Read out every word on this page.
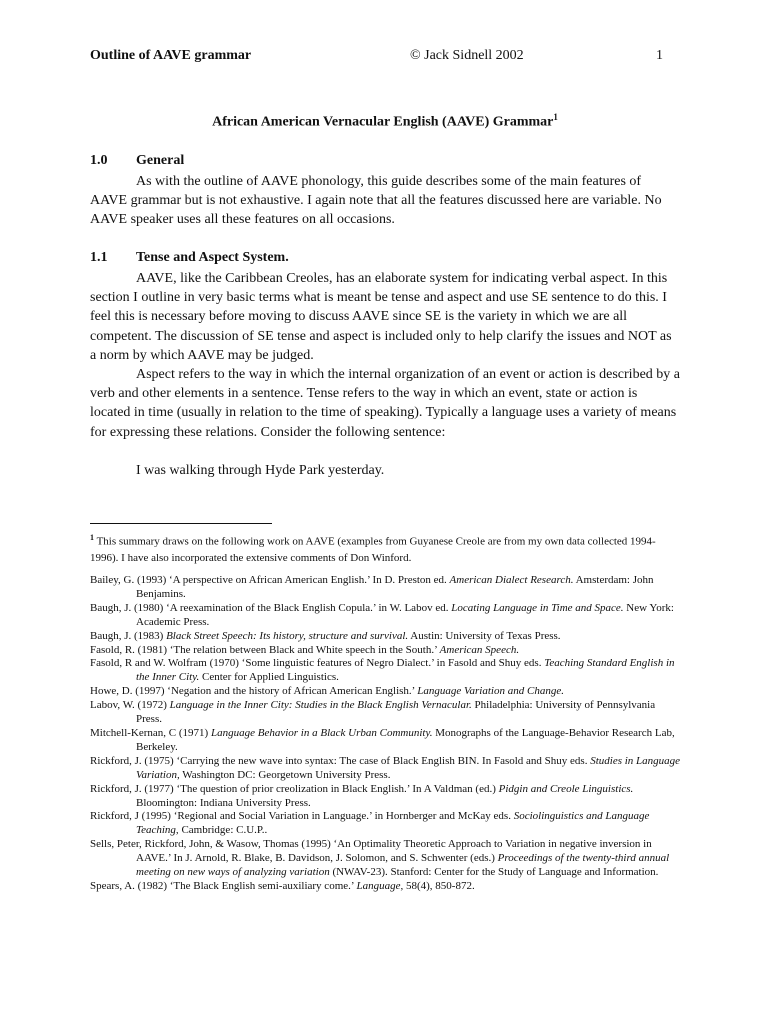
Outline of AAVE grammar	© Jack Sidnell 2002	1
African American Vernacular English (AAVE) Grammar$^1$
1.0 General
As with the outline of AAVE phonology, this guide describes some of the main features of AAVE grammar but is not exhaustive. I again note that all the features discussed here are variable. No AAVE speaker uses all these features on all occasions.
1.1 Tense and Aspect System.
AAVE, like the Caribbean Creoles, has an elaborate system for indicating verbal aspect. In this section I outline in very basic terms what is meant be tense and aspect and use SE sentence to do this. I feel this is necessary before moving to discuss AAVE since SE is the variety in which we are all competent. The discussion of SE tense and aspect is included only to help clarify the issues and NOT as a norm by which AAVE may be judged.
Aspect refers to the way in which the internal organization of an event or action is described by a verb and other elements in a sentence. Tense refers to the way in which an event, state or action is located in time (usually in relation to the time of speaking). Typically a language uses a variety of means for expressing these relations. Consider the following sentence:
I was walking through Hyde Park yesterday.
$^1$ This summary draws on the following work on AAVE (examples from Guyanese Creole are from my own data collected 1994-1996). I have also incorporated the extensive comments of Don Winford.
Bailey, G. (1993) ‘A perspective on African American English.’ In D. Preston ed. American Dialect Research. Amsterdam: John Benjamins.
Baugh, J. (1980) ‘A reexamination of the Black English Copula.’ in W. Labov ed. Locating Language in Time and Space. New York: Academic Press.
Baugh, J. (1983) Black Street Speech: Its history, structure and survival. Austin: University of Texas Press.
Fasold, R. (1981) ‘The relation between Black and White speech in the South.’ American Speech.
Fasold, R and W. Wolfram (1970) ‘Some linguistic features of Negro Dialect.’ in Fasold and Shuy eds. Teaching Standard English in the Inner City. Center for Applied Linguistics.
Howe, D. (1997) ‘Negation and the history of African American English.’ Language Variation and Change.
Labov, W. (1972) Language in the Inner City: Studies in the Black English Vernacular. Philadelphia: University of Pennsylvania Press.
Mitchell-Kernan, C (1971) Language Behavior in a Black Urban Community. Monographs of the Language-Behavior Research Lab, Berkeley.
Rickford, J. (1975) ‘Carrying the new wave into syntax: The case of Black English BIN. In Fasold and Shuy eds. Studies in Language Variation, Washington DC: Georgetown University Press.
Rickford, J. (1977) ‘The question of prior creolization in Black English.’ In A Valdman (ed.) Pidgin and Creole Linguistics. Bloomington: Indiana University Press.
Rickford, J (1995) ‘Regional and Social Variation in Language.’ in Hornberger and McKay eds. Sociolinguistics and Language Teaching, Cambridge: C.U.P..
Sells, Peter, Rickford, John, & Wasow, Thomas (1995) ‘An Optimality Theoretic Approach to Variation in negative inversion in AAVE.’ In J. Arnold, R. Blake, B. Davidson, J. Solomon, and S. Schwenter (eds.) Proceedings of the twenty-third annual meeting on new ways of analyzing variation (NWAV-23). Stanford: Center for the Study of Language and Information.
Spears, A. (1982) ‘The Black English semi-auxiliary come.’ Language, 58(4), 850-872.
